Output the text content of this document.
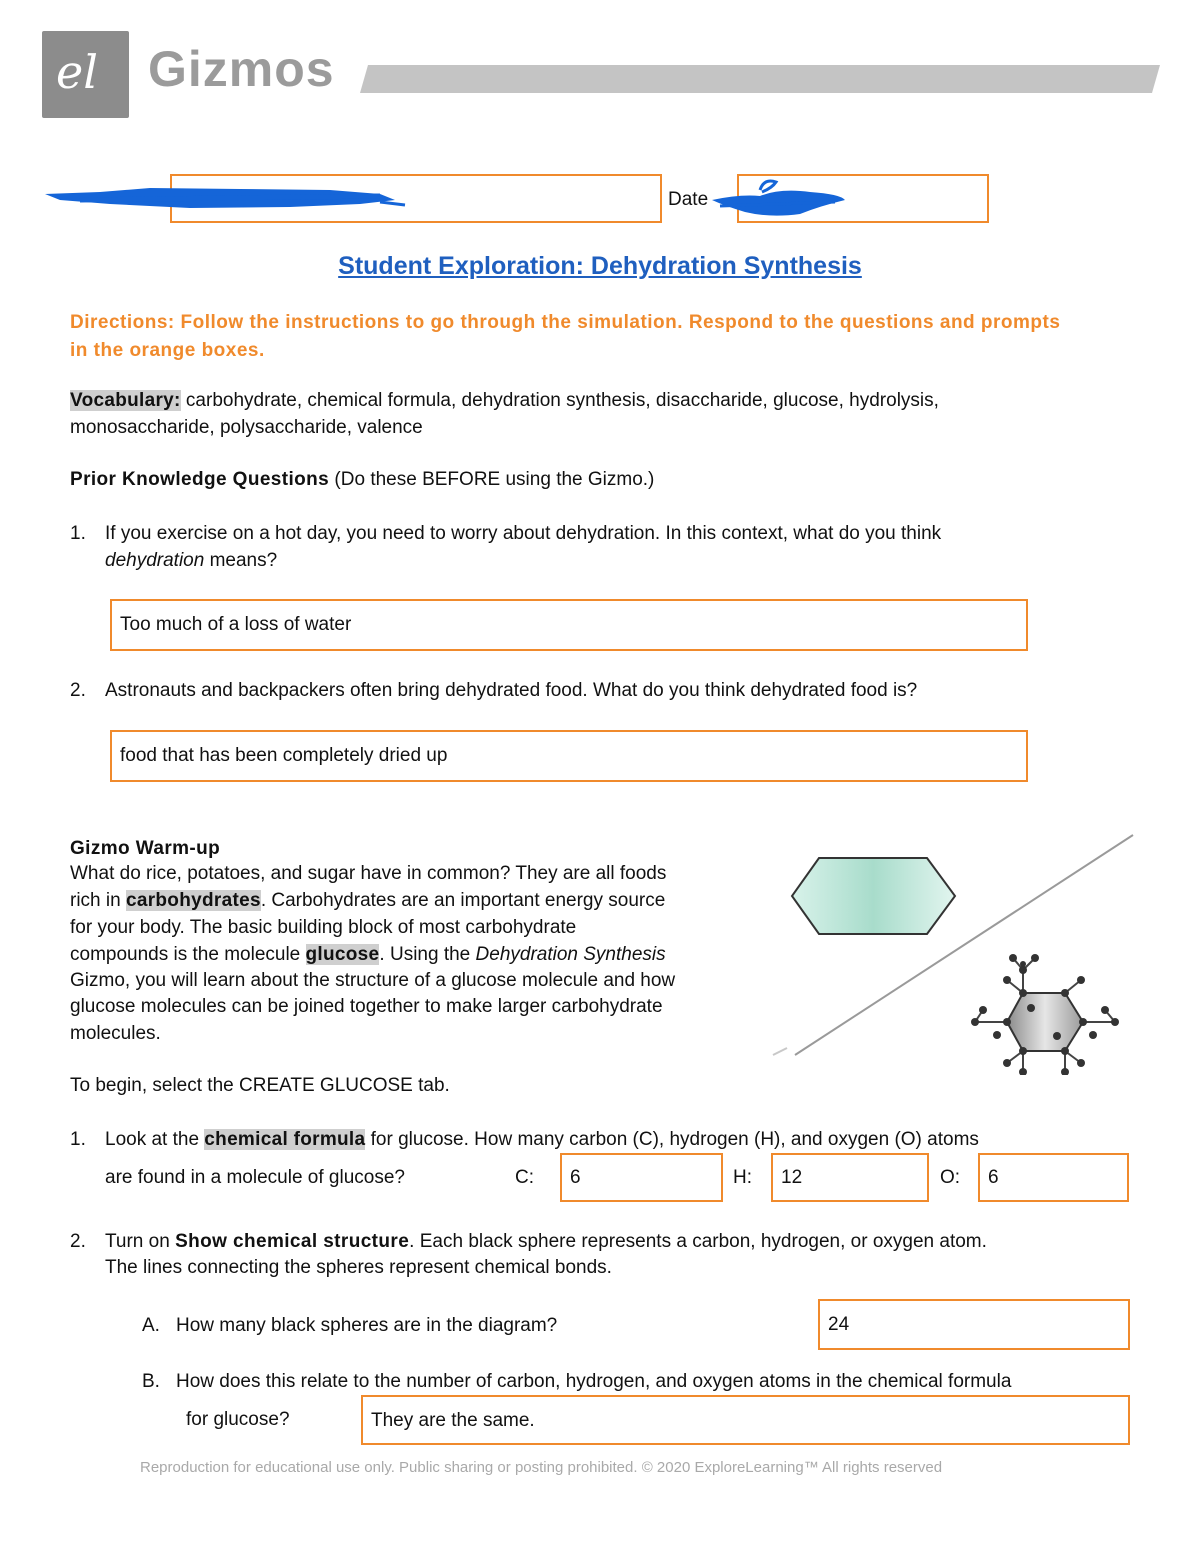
el Gizmos
Date
Student Exploration: Dehydration Synthesis
Directions: Follow the instructions to go through the simulation. Respond to the questions and prompts in the orange boxes.
Vocabulary: carbohydrate, chemical formula, dehydration synthesis, disaccharide, glucose, hydrolysis,
monosaccharide, polysaccharide, valence
Prior Knowledge Questions (Do these BEFORE using the Gizmo.)
1. If you exercise on a hot day, you need to worry about dehydration. In this context, what do you think
dehydration means?
Too much of a loss of water
2. Astronauts and backpackers often bring dehydrated food. What do you think dehydrated food is?
food that has been completely dried up
Gizmo Warm-up
What do rice, potatoes, and sugar have in common? They are all foods
rich in carbohydrates. Carbohydrates are an important energy source
for your body. The basic building block of most carbohydrate
compounds is the molecule glucose. Using the Dehydration Synthesis
Gizmo, you will learn about the structure of a glucose molecule and how
glucose molecules can be joined together to make larger carbohydrate
molecules.
To begin, select the CREATE GLUCOSE tab.
1. Look at the chemical formula for glucose. How many carbon (C), hydrogen (H), and oxygen (O) atoms
are found in a molecule of glucose?	C: 6	H: 12	O: 6
2. Turn on Show chemical structure. Each black sphere represents a carbon, hydrogen, or oxygen atom.
The lines connecting the spheres represent chemical bonds.
A. How many black spheres are in the diagram?	24
B. How does this relate to the number of carbon, hydrogen, and oxygen atoms in the chemical formula
for glucose?	They are the same.
Reproduction for educational use only. Public sharing or posting prohibited. © 2020 ExploreLearning™ All rights reserved
